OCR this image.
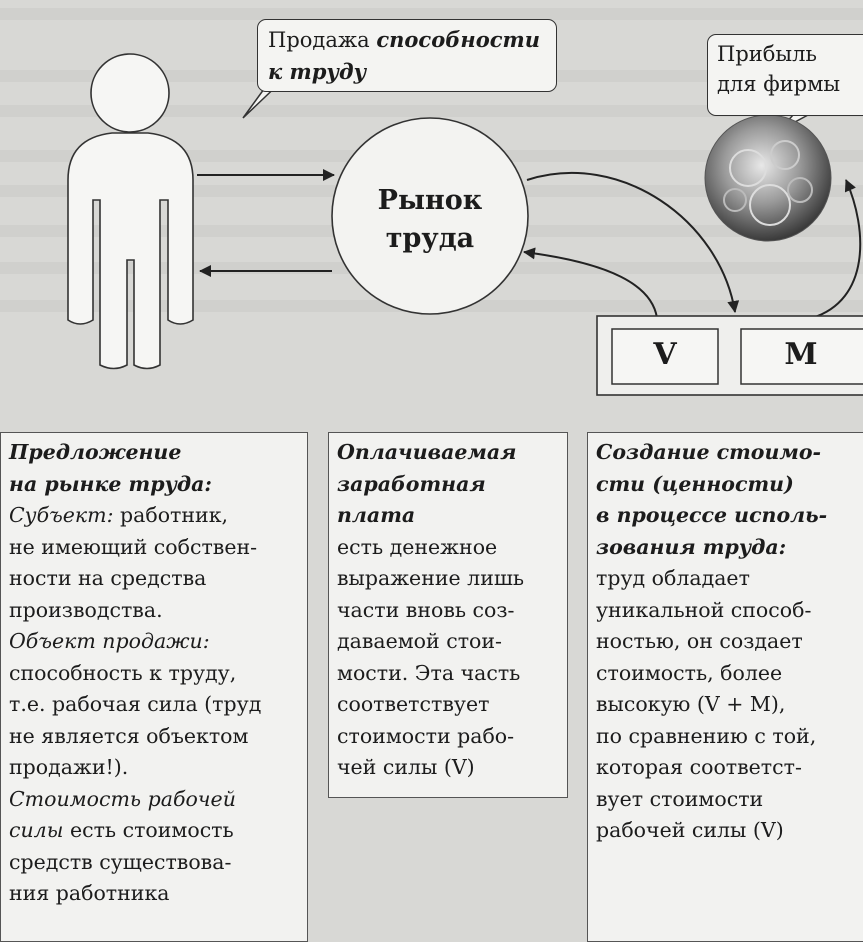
Продажа способности
к труду
Прибыль
для фирмы
Рынок
труда
V	M
Предложение
на рынке труда:
Субъект: работник,
не имеющий собствен-
ности на средства
производства.
Объект продажи:
способность к труду,
т.е. рабочая сила (труд
не является объектом
продажи!).
Стоимость рабочей
силы есть стоимость
средств существова-
ния работника
Оплачиваемая
заработная
плата
есть денежное
выражение лишь
части вновь соз-
даваемой стои-
мости. Эта часть
соответствует
стоимости рабо-
чей силы (V)
Создание стоимо-
сти (ценности)
в процессе исполь-
зования труда:
труд обладает
уникальной способ-
ностью, он создает
стоимость, более
высокую (V + M),
по сравнению с той,
которая соответст-
вует стоимости
рабочей силы (V)
